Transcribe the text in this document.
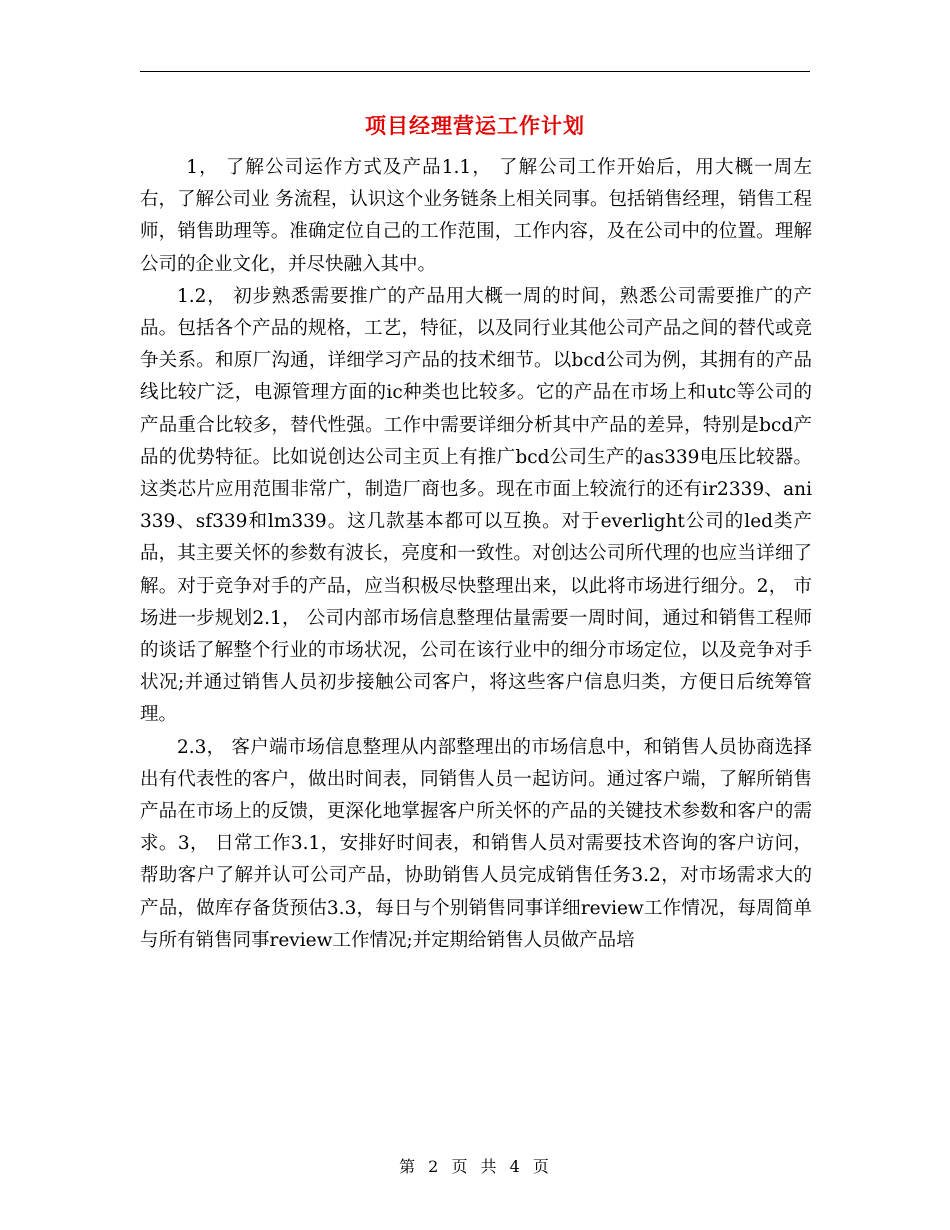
项目经理营运工作计划

1， 了解公司运作方式及产品1.1， 了解公司工作开始后，用大概一周左右，了解公司业 务流程，认识这个业务链条上相关同事。包括销售经理，销售工程师，销售助理等。准确定位自己的工作范围，工作内容，及在公司中的位置。理解公司的企业文化，并尽快融入其中。

1.2， 初步熟悉需要推广的产品用大概一周的时间，熟悉公司需要推广的产品。包括各个产品的规格，工艺，特征，以及同行业其他公司产品之间的替代或竞争关系。和原厂沟通，详细学习产品的技术细节。以bcd公司为例，其拥有的产品线比较广泛，电源管理方面的ic种类也比较多。它的产品在市场上和utc等公司的产品重合比较多，替代性强。工作中需要详细分析其中产品的差异，特别是bcd产品的优势特征。比如说创达公司主页上有推广bcd公司生产的as339电压比较器。这类芯片应用范围非常广，制造厂商也多。现在市面上较流行的还有ir2339、ani339、sf339和lm339。这几款基本都可以互换。对于everlight公司的led类产品，其主要关怀的参数有波长，亮度和一致性。对创达公司所代理的也应当详细了解。对于竞争对手的产品，应当积极尽快整理出来，以此将市场进行细分。2， 市场进一步规划2.1， 公司内部市场信息整理估量需要一周时间，通过和销售工程师的谈话了解整个行业的市场状况，公司在该行业中的细分市场定位，以及竞争对手状况;并通过销售人员初步接触公司客户，将这些客户信息归类，方便日后统筹管理。

2.3， 客户端市场信息整理从内部整理出的市场信息中，和销售人员协商选择出有代表性的客户，做出时间表，同销售人员一起访问。通过客户端，了解所销售产品在市场上的反馈，更深化地掌握客户所关怀的产品的关键技术参数和客户的需求。3， 日常工作3.1，安排好时间表，和销售人员对需要技术咨询的客户访问，帮助客户了解并认可公司产品，协助销售人员完成销售任务3.2，对市场需求大的产品，做库存备货预估3.3，每日与个别销售同事详细review工作情况，每周简单与所有销售同事review工作情况;并定期给销售人员做产品培

第 2 页 共 4 页
